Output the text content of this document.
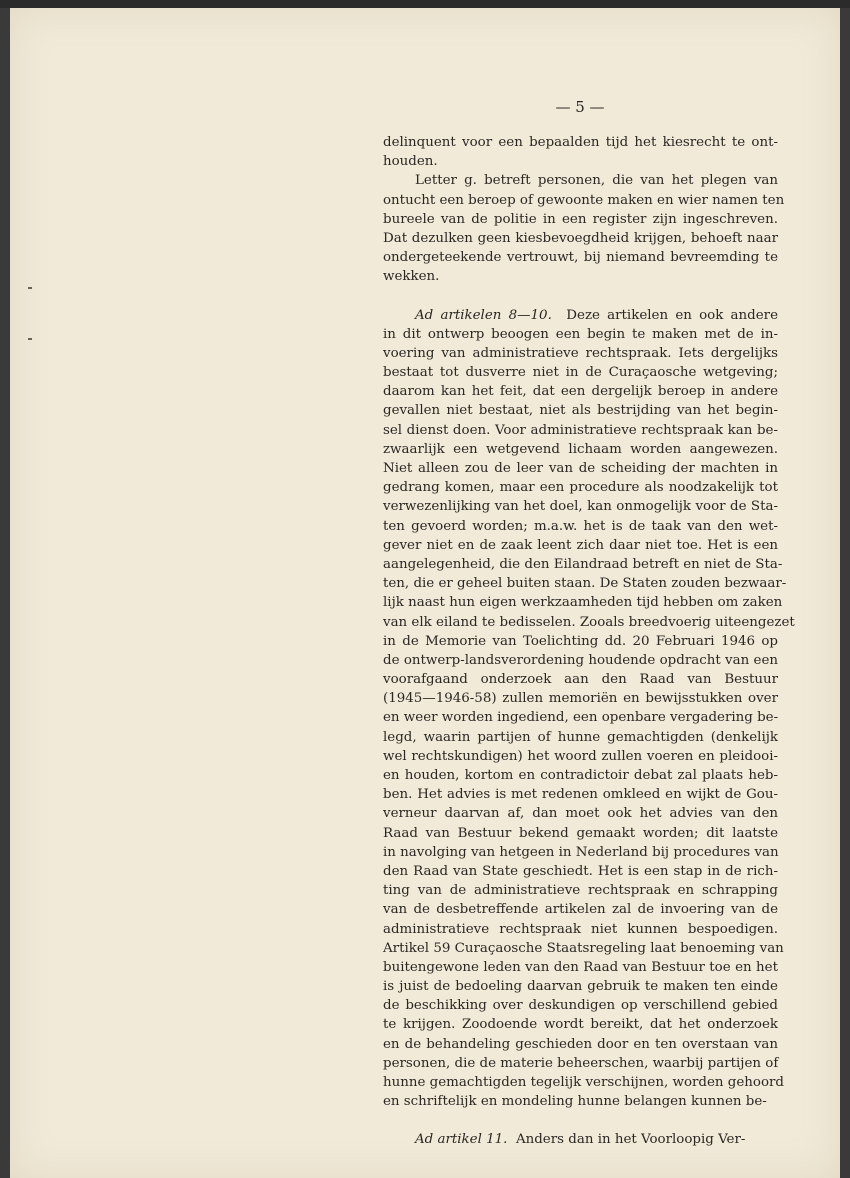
— 5 —
delinquent voor een bepaalden tijd het kiesrecht te ont-
houden.
Letter g. betreft personen, die van het plegen van
ontucht een beroep of gewoonte maken en wier namen ten
bureele van de politie in een register zijn ingeschreven.
Dat dezulken geen kiesbevoegdheid krijgen, behoeft naar
ondergeteekende vertrouwt, bij niemand bevreemding te
wekken.
Ad artikelen 8—10. Deze artikelen en ook andere
in dit ontwerp beoogen een begin te maken met de in-
voering van administratieve rechtspraak. Iets dergelijks
bestaat tot dusverre niet in de Curaçaosche wetgeving;
daarom kan het feit, dat een dergelijk beroep in andere
gevallen niet bestaat, niet als bestrijding van het begin-
sel dienst doen. Voor administratieve rechtspraak kan be-
zwaarlijk een wetgevend lichaam worden aangewezen.
Niet alleen zou de leer van de scheiding der machten in
gedrang komen, maar een procedure als noodzakelijk tot
verwezenlijking van het doel, kan onmogelijk voor de Sta-
ten gevoerd worden; m.a.w. het is de taak van den wet-
gever niet en de zaak leent zich daar niet toe. Het is een
aangelegenheid, die den Eilandraad betreft en niet de Sta-
ten, die er geheel buiten staan. De Staten zouden bezwaar-
lijk naast hun eigen werkzaamheden tijd hebben om zaken
van elk eiland te bedisselen. Zooals breedvoerig uiteengezet
in de Memorie van Toelichting dd. 20 Februari 1946 op
de ontwerp-landsverordening houdende opdracht van een
voorafgaand onderzoek aan den Raad van Bestuur
(1945—1946-58) zullen memoriën en bewijsstukken over
en weer worden ingediend, een openbare vergadering be-
legd, waarin partijen of hunne gemachtigden (denkelijk
wel rechtskundigen) het woord zullen voeren en pleidooi-
en houden, kortom en contradictoir debat zal plaats heb-
ben. Het advies is met redenen omkleed en wijkt de Gou-
verneur daarvan af, dan moet ook het advies van den
Raad van Bestuur bekend gemaakt worden; dit laatste
in navolging van hetgeen in Nederland bij procedures van
den Raad van State geschiedt. Het is een stap in de rich-
ting van de administratieve rechtspraak en schrapping
van de desbetreffende artikelen zal de invoering van de
administratieve rechtspraak niet kunnen bespoedigen.
Artikel 59 Curaçaosche Staatsregeling laat benoeming van
buitengewone leden van den Raad van Bestuur toe en het
is juist de bedoeling daarvan gebruik te maken ten einde
de beschikking over deskundigen op verschillend gebied
te krijgen. Zoodoende wordt bereikt, dat het onderzoek
en de behandeling geschieden door en ten overstaan van
personen, die de materie beheerschen, waarbij partijen of
hunne gemachtigden tegelijk verschijnen, worden gehoord
en schriftelijk en mondeling hunne belangen kunnen be-
Ad artikel 11. Anders dan in het Voorloopig Ver-
